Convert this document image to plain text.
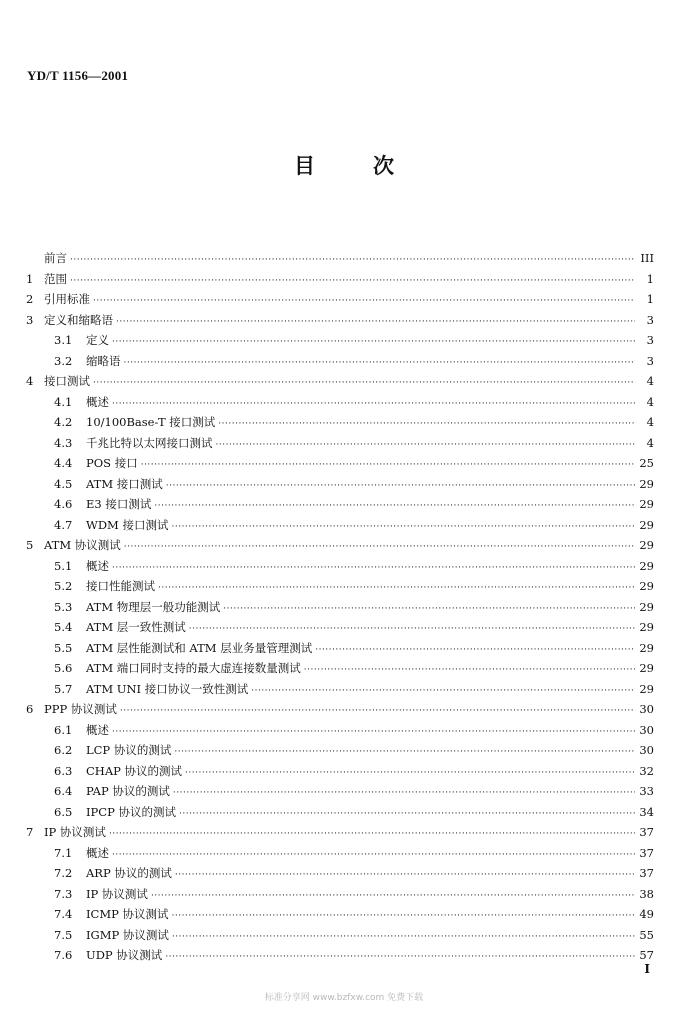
YD/T 1156—2001
目	次
前言 ·····	III
1 范围 ·····	1
2 引用标准 ·····	1
3 定义和缩略语 ·····	3
3.1	定义 ·····	3
3.2	缩略语 ·····	3
4 接口测试 ·····	4
4.1	概述 ·····	4
4.2	10/100Base-T 接口测试 ·····	4
4.3	千兆比特以太网接口测试 ·····	4
4.4	POS 接口 ·····	25
4.5	ATM 接口测试 ·····	29
4.6	E3 接口测试 ·····	29
4.7	WDM 接口测试 ·····	29
5 ATM 协议测试 ·····	29
5.1	概述 ·····	29
5.2	接口性能测试 ·····	29
5.3	ATM 物理层一般功能测试 ·····	29
5.4	ATM 层一致性测试 ·····	29
5.5	ATM 层性能测试和 ATM 层业务量管理测试 ·····	29
5.6	ATM 端口同时支持的最大虚连接数量测试 ·····	29
5.7	ATM UNI 接口协议一致性测试 ·····	29
6 PPP 协议测试 ·····	30
6.1	概述 ·····	30
6.2	LCP 协议的测试 ·····	30
6.3	CHAP 协议的测试 ·····	32
6.4	PAP 协议的测试 ·····	33
6.5	IPCP 协议的测试 ·····	34
7 IP 协议测试 ·····	37
7.1	概述 ·····	37
7.2	ARP 协议的测试 ·····	37
7.3	IP 协议测试 ·····	38
7.4	ICMP 协议测试 ·····	49
7.5	IGMP 协议测试 ·····	55
7.6	UDP 协议测试 ·····	57
I
标准分享网 www.bzfxw.com 免费下载
